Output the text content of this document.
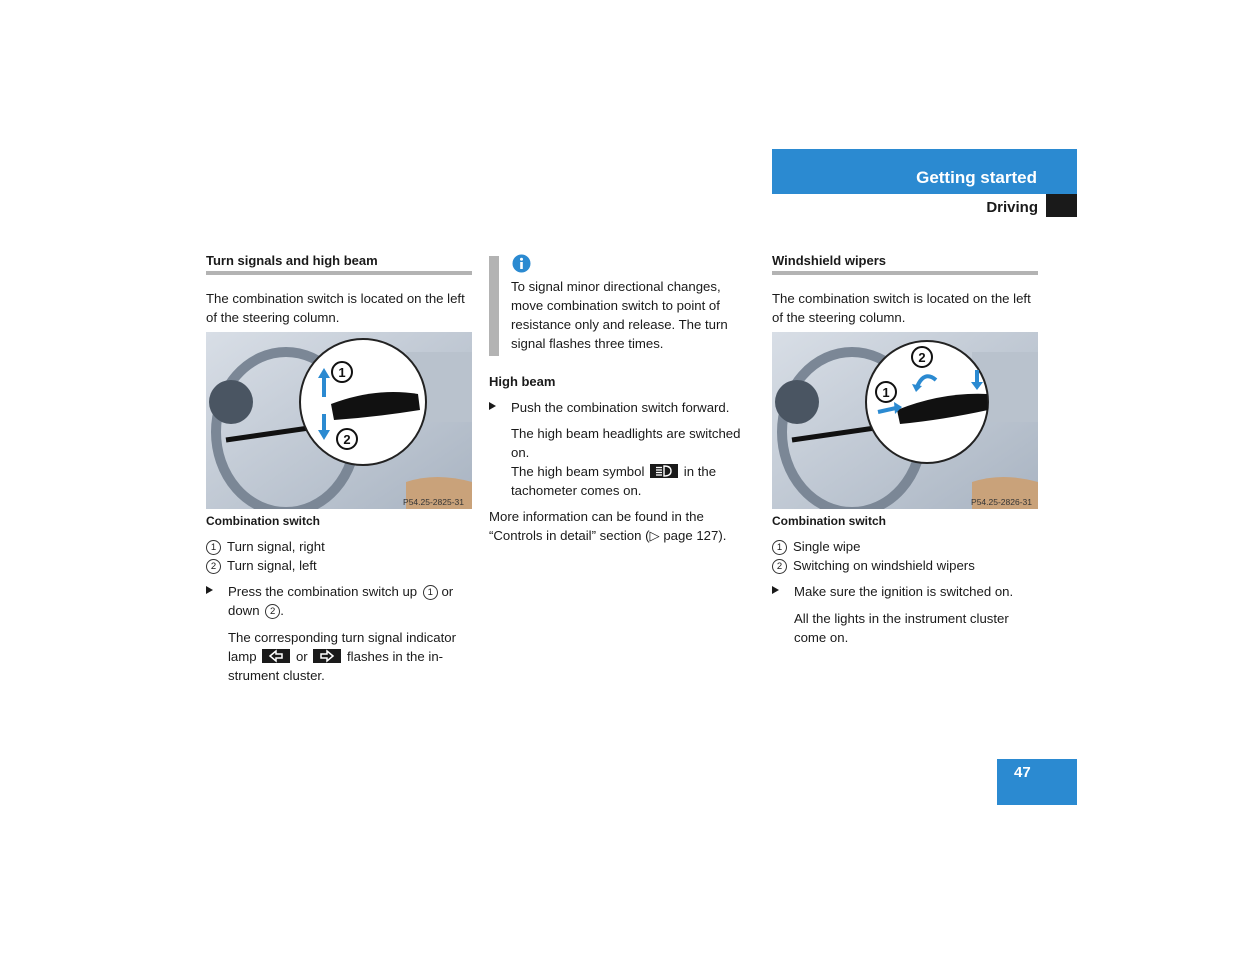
Getting started
Driving
Turn signals and high beam

The combination switch is located on the left of the steering column.

1
2
P54.25-2825-31
Combination switch

1 Turn signal, right

2 Turn signal, left

Press the combination switch up 1 or down 2 .

The corresponding turn signal indicator lamp	or	flashes in the in-strument cluster.

To signal minor directional changes, move combination switch to point of resistance only and release. The turn signal flashes three times.

High beam

Push the combination switch forward.

The high beam headlights are switched on.

The high beam symbol	in the tachometer comes on.

More information can be found in the “Controls in detail” section (▷ page 127).

Windshield wipers

The combination switch is located on the left of the steering column.

2
1
P54.25-2826-31
Combination switch

1 Single wipe

2 Switching on windshield wipers

Make sure the ignition is switched on.

All the lights in the instrument cluster come on.

47
